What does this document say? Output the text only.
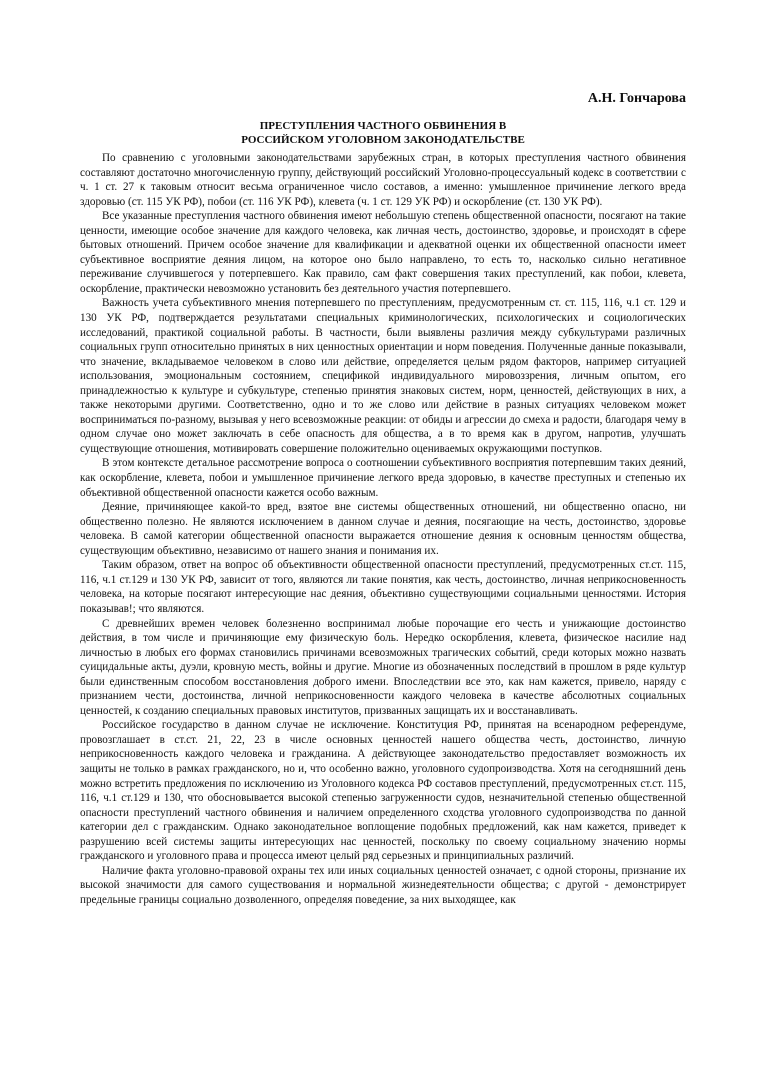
А.Н. Гончарова
ПРЕСТУПЛЕНИЯ ЧАСТНОГО ОБВИНЕНИЯ В
РОССИЙСКОМ УГОЛОВНОМ ЗАКОНОДАТЕЛЬСТВЕ

По сравнению с уголовными законодательствами зарубежных стран, в которых преступления частного обвинения составляют достаточно многочисленную группу, действующий российский Уголовно-процессуальный кодекс в соответствии с ч. 1 ст. 27 к таковым относит весьма ограниченное число составов, а именно: умышленное причинение легкого вреда здоровью (ст. 115 УК РФ), побои (ст. 116 УК РФ), клевета (ч. 1 ст. 129 УК РФ) и оскорбление (ст. 130 УК РФ).

Все указанные преступления частного обвинения имеют небольшую степень общественной опасности, посягают на такие ценности, имеющие особое значение для каждого человека, как личная честь, достоинство, здоровье, и происходят в сфере бытовых отношений. Причем особое значение для квалификации и адекватной оценки их общественной опасности имеет субъективное восприятие деяния лицом, на которое оно было направлено, то есть то, насколько сильно негативное переживание случившегося у потерпевшего. Как правило, сам факт совершения таких преступлений, как побои, клевета, оскорбление, практически невозможно установить без деятельного участия потерпевшего.

Важность учета субъективного мнения потерпевшего по преступлениям, предусмотренным ст. ст. 115, 116, ч.1 ст. 129 и 130 УК РФ, подтверждается результатами специальных криминологических, психологических и социологических исследований, практикой социальной работы. В частности, были выявлены различия между субкультурами различных социальных групп относительно принятых в них ценностных ориентации и норм поведения. Полученные данные показывали, что значение, вкладываемое человеком в слово или действие, определяется целым рядом факторов, например ситуацией использования, эмоциональным состоянием, спецификой индивидуального мировоззрения, личным опытом, его принадлежностью к культуре и субкультуре, степенью принятия знаковых систем, норм, ценностей, действующих в них, а также некоторыми другими. Соответственно, одно и то же слово или действие в разных ситуациях человеком может восприниматься по-разному, вызывая у него всевозможные реакции: от обиды и агрессии до смеха и радости, благодаря чему в одном случае оно может заключать в себе опасность для общества, а в то время как в другом, напротив, улучшать существующие отношения, мотивировать совершение положительно оцениваемых окружающими поступков.

В этом контексте детальное рассмотрение вопроса о соотношении субъективного восприятия потерпевшим таких деяний, как оскорбление, клевета, побои и умышленное причинение легкого вреда здоровью, в качестве преступных и степенью их объективной общественной опасности кажется особо важным.

Деяние, причиняющее какой-то вред, взятое вне системы общественных отношений, ни общественно опасно, ни общественно полезно. Не являются исключением в данном случае и деяния, посягающие на честь, достоинство, здоровье человека. В самой категории общественной опасности выражается отношение деяния к основным ценностям общества, существующим объективно, независимо от нашего знания и понимания их.

Таким образом, ответ на вопрос об объективности общественной опасности преступлений, предусмотренных ст.ст. 115, 116, ч.1 ст.129 и 130 УК РФ, зависит от того, являются ли такие понятия, как честь, достоинство, личная неприкосновенность человека, на которые посягают интересующие нас деяния, объективно существующими социальными ценностями. История показывав!; что являются.

С древнейших времен человек болезненно воспринимал любые порочащие его честь и унижающие достоинство действия, в том числе и причиняющие ему физическую боль. Нередко оскорбления, клевета, физическое насилие над личностью в любых его формах становились причинами всевозможных трагических событий, среди которых можно назвать суицидальные акты, дуэли, кровную месть, войны и другие. Многие из обозначенных последствий в прошлом в ряде культур были единственным способом восстановления доброго имени. Впоследствии все это, как нам кажется, привело, наряду с признанием чести, достоинства, личной неприкосновенности каждого человека в качестве абсолютных социальных ценностей, к созданию специальных правовых институтов, призванных защищать их и восстанавливать.

Российское государство в данном случае не исключение. Конституция РФ, принятая на всенародном референдуме, провозглашает в ст.ст. 21, 22, 23 в числе основных ценностей нашего общества честь, достоинство, личную неприкосновенность каждого человека и гражданина. А действующее законодательство предоставляет возможность их защиты не только в рамках гражданского, но и, что особенно важно, уголовного судопроизводства. Хотя на сегодняшний день можно встретить предложения по исключению из Уголовного кодекса РФ составов преступлений, предусмотренных ст.ст. 115, 116, ч.1 ст.129 и 130, что обосновывается высокой степенью загруженности судов, незначительной степенью общественной опасности преступлений частного обвинения и наличием определенного сходства уголовного судопроизводства по данной категории дел с гражданским. Однако законодательное воплощение подобных предложений, как нам кажется, приведет к разрушению всей системы защиты интересующих нас ценностей, поскольку по своему социальному значению нормы гражданского и уголовного права и процесса имеют целый ряд серьезных и принципиальных различий.

Наличие факта уголовно-правовой охраны тех или иных социальных ценностей означает, с одной стороны, признание их высокой значимости для самого существования и нормальной жизнедеятельности общества; с другой - демонстрирует предельные границы социально дозволенного, определяя поведение, за них выходящее, как
